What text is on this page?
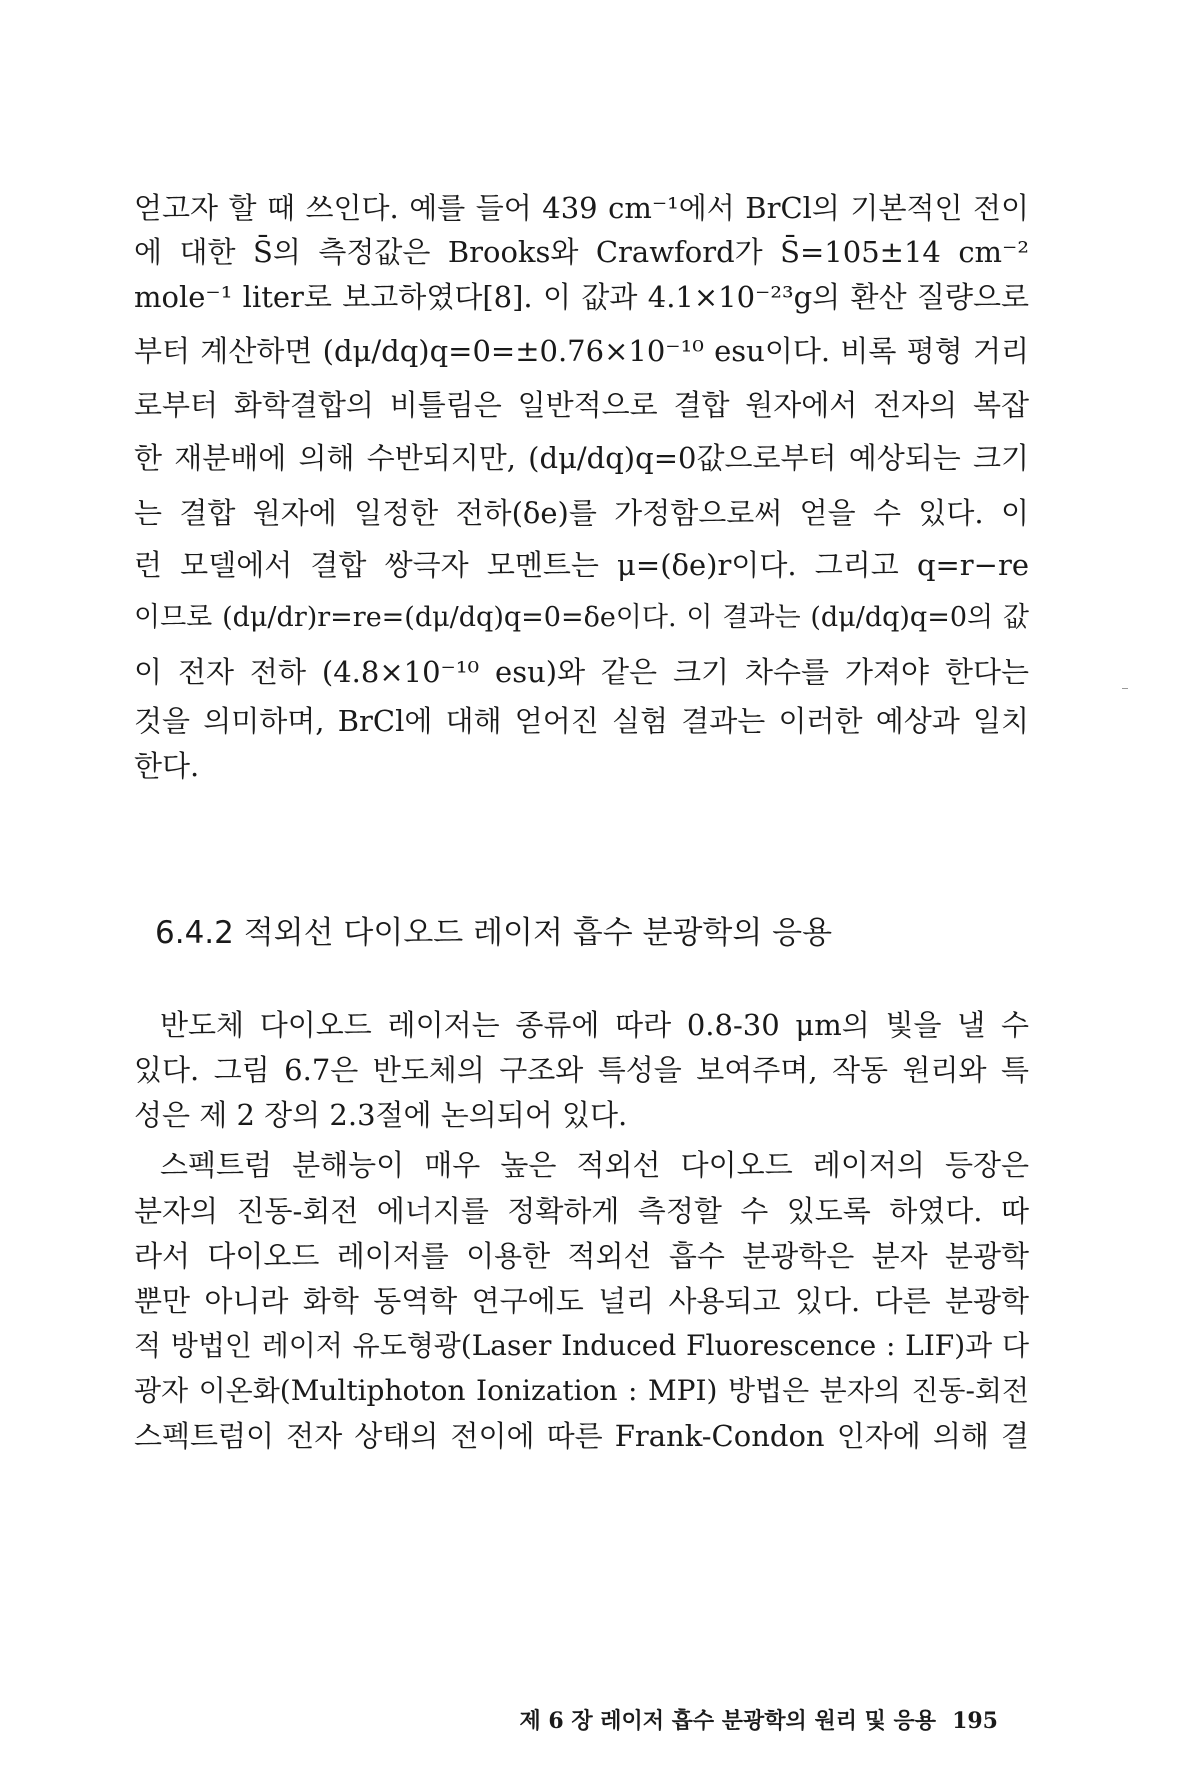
얻고자 할 때 쓰인다. 예를 들어 439 cm⁻¹에서 BrCl의 기본적인 전이
에 대한 S̄의 측정값은 Brooks와 Crawford가 S̄=105±14 cm⁻²
mole⁻¹ liter로 보고하였다[8]. 이 값과 4.1×10⁻²³g의 환산 질량으로
부터 계산하면 (dμ/dq)q=0=±0.76×10⁻¹⁰ esu이다. 비록 평형 거리
로부터 화학결합의 비틀림은 일반적으로 결합 원자에서 전자의 복잡
한 재분배에 의해 수반되지만, (dμ/dq)q=0값으로부터 예상되는 크기
는 결합 원자에 일정한 전하(δe)를 가정함으로써 얻을 수 있다. 이
런 모델에서 결합 쌍극자 모멘트는 μ=(δe)r이다. 그리고 q=r−re
이므로 (dμ/dr)r=re=(dμ/dq)q=0=δe이다. 이 결과는 (dμ/dq)q=0의 값
이 전자 전하 (4.8×10⁻¹⁰ esu)와 같은 크기 차수를 가져야 한다는
것을 의미하며, BrCl에 대해 얻어진 실험 결과는 이러한 예상과 일치
한다.
6.4.2 적외선 다이오드 레이저 흡수 분광학의 응용
반도체 다이오드 레이저는 종류에 따라 0.8-30 μm의 빛을 낼 수
있다. 그림 6.7은 반도체의 구조와 특성을 보여주며, 작동 원리와 특
성은 제 2 장의 2.3절에 논의되어 있다.
스펙트럼 분해능이 매우 높은 적외선 다이오드 레이저의 등장은
분자의 진동-회전 에너지를 정확하게 측정할 수 있도록 하였다. 따
라서 다이오드 레이저를 이용한 적외선 흡수 분광학은 분자 분광학
뿐만 아니라 화학 동역학 연구에도 널리 사용되고 있다. 다른 분광학
적 방법인 레이저 유도형광(Laser Induced Fluorescence : LIF)과 다
광자 이온화(Multiphoton Ionization : MPI) 방법은 분자의 진동-회전
스펙트럼이 전자 상태의 전이에 따른 Frank-Condon 인자에 의해 결
제 6 장 레이저 흡수 분광학의 원리 및 응용 195
